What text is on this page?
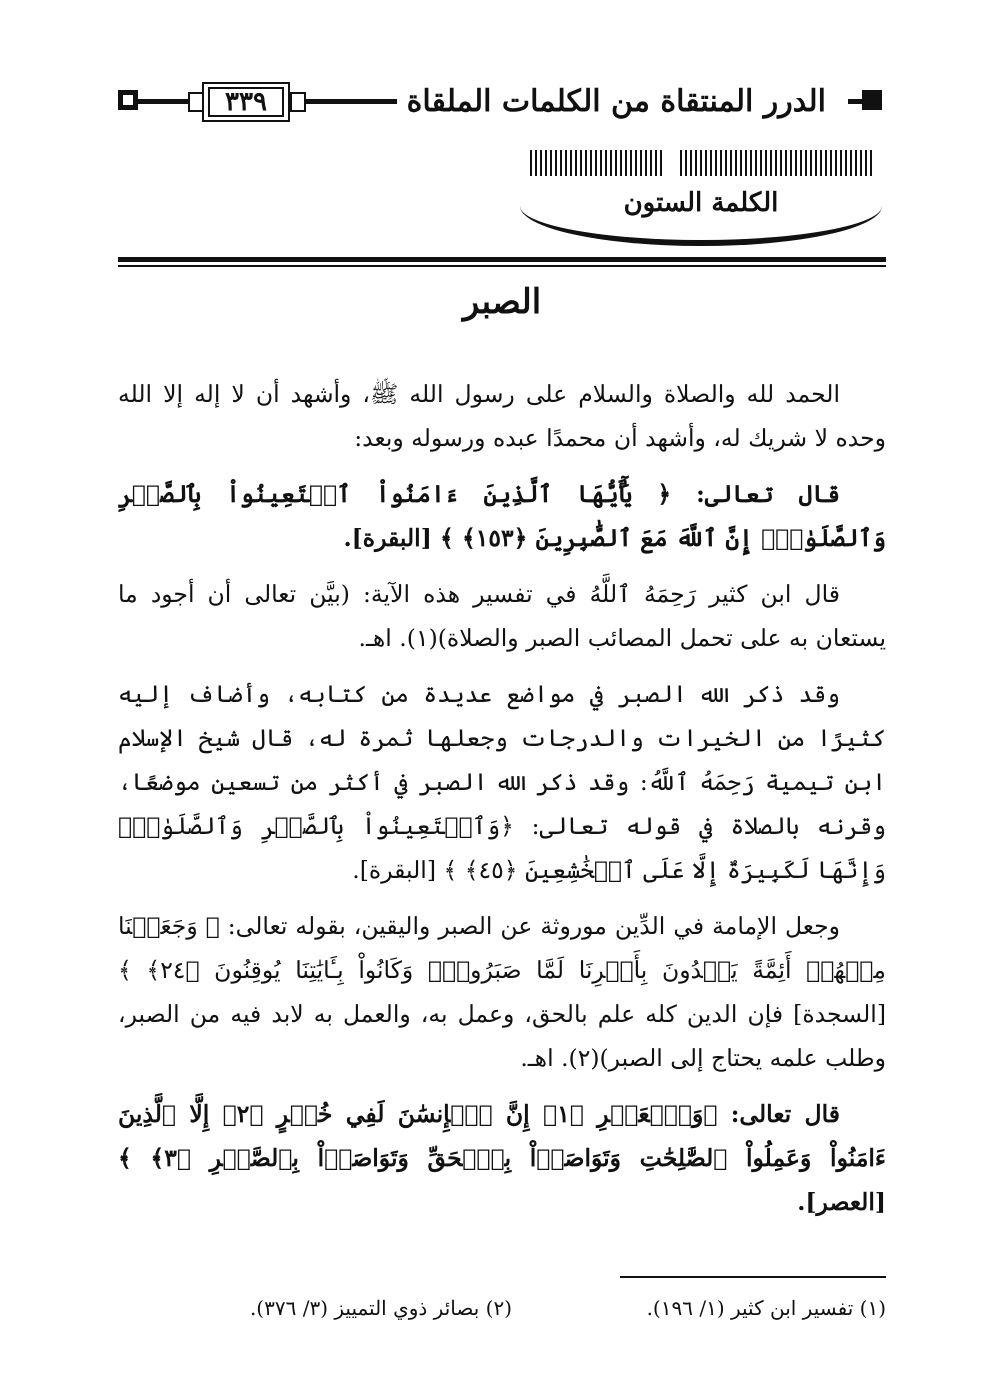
٣٣٩	الدرر المنتقاة من الكلمات الملقاة
الكلمة الستون
الصبر

الحمد لله والصلاة والسلام على رسول الله ﷺ، وأشهد أن لا إله إلا الله وحده لا شريك له، وأشهد أن محمدًا عبده ورسوله وبعد:

قال تعالى: ﴿ يَٰٓأَيُّهَا ٱلَّذِينَ ءَامَنُواْ ٱسۡتَعِينُواْ بِٱلصَّبۡرِ وَٱلصَّلَوٰةِۚ إِنَّ ٱللَّهَ مَعَ ٱلصَّٰبِرِينَ ﴿١٥٣﴾ ﴾ [البقرة].

قال ابن كثير رَحِمَهُ ٱللَّهُ في تفسير هذه الآية: (بيَّن تعالى أن أجود ما يستعان به على تحمل المصائب الصبر والصلاة)(١). اهـ.

وقد ذكر الله الصبر في مواضع عديدة من كتابه، وأضاف إليه كثيرًا من الخيرات والدرجات وجعلها ثمرة له، قال شيخ الإسلام ابن تيمية رَحِمَهُ ٱللَّهُ: وقد ذكر الله الصبر في أكثر من تسعين موضعًا، وقرنه بالصلاة في قوله تعالى: ﴿وَٱسۡتَعِينُواْ بِٱلصَّبۡرِ وَٱلصَّلَوٰةِۚ وَإِنَّهَا لَكَبِيرَةٌ إِلَّا عَلَى ٱلۡخَٰشِعِينَ ﴿٤٥﴾ ﴾ [البقرة].

وجعل الإمامة في الدِّين موروثة عن الصبر واليقين، بقوله تعالى: ﴿ وَجَعَلۡنَا مِنۡهُمۡ أَئِمَّةً يَهۡدُونَ بِأَمۡرِنَا لَمَّا صَبَرُواْۖ وَكَانُواْ بِـَٔايَٰتِنَا يُوقِنُونَ ﴿٢٤﴾ ﴾ [السجدة] فإن الدين كله علم بالحق، وعمل به، والعمل به لابد فيه من الصبر، وطلب علمه يحتاج إلى الصبر)(٢). اهـ.

قال تعالى: ﴿وَٱلۡعَصۡرِ ﴿١﴾ إِنَّ ٱلۡإِنسَٰنَ لَفِي خُسۡرٍ ﴿٢﴾ إِلَّا ٱلَّذِينَ ءَامَنُواْ وَعَمِلُواْ ٱلصَّٰلِحَٰتِ وَتَوَاصَوۡاْ بِٱلۡحَقِّ وَتَوَاصَوۡاْ بِٱلصَّبۡرِ ﴿٣﴾ ﴾ [العصر].

(١) تفسير ابن كثير (١/ ١٩٦).
(٢) بصائر ذوي التمييز (٣/ ٣٧٦).
